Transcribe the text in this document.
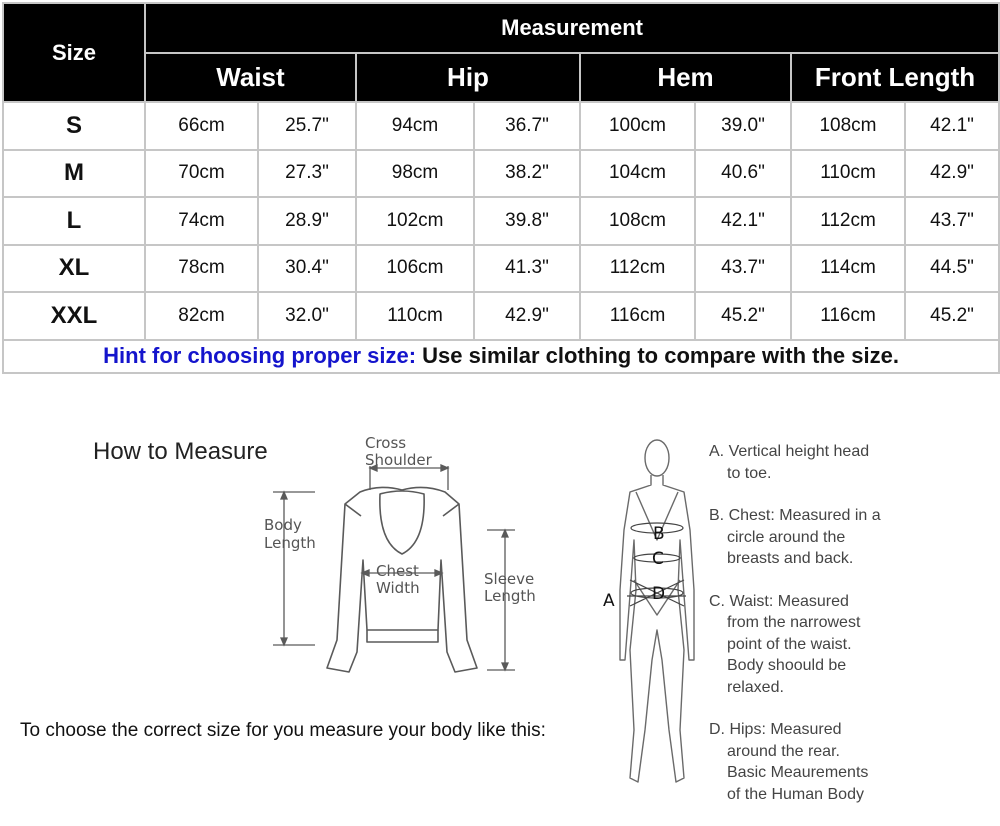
Size	Measurement							
	Waist		Hip		Hem		Front Length	
S	66cm	25.7"	94cm	36.7"	100cm	39.0"	108cm	42.1"
M	70cm	27.3"	98cm	38.2"	104cm	40.6"	110cm	42.9"
L	74cm	28.9"	102cm	39.8"	108cm	42.1"	112cm	43.7"
XL	78cm	30.4"	106cm	41.3"	112cm	43.7"	114cm	44.5"
XXL	82cm	32.0"	110cm	42.9"	116cm	45.2"	116cm	45.2"
Hint for choosing proper size: Use similar clothing to compare with the size.								
How to Measure	Cross
Shoulder
Body
Length
Chest
Width	Sleeve
Length
To choose the correct size for you measure your body like this:
B
C
D
A

A. Vertical height head

to toe.

B. Chest: Measured in a

circle around the
breasts and back.

C. Waist: Measured

from the narrowest
point of the waist.
Body shoould be
relaxed.

D. Hips: Measured

around the rear.
Basic Meaurements
of the Human Body
